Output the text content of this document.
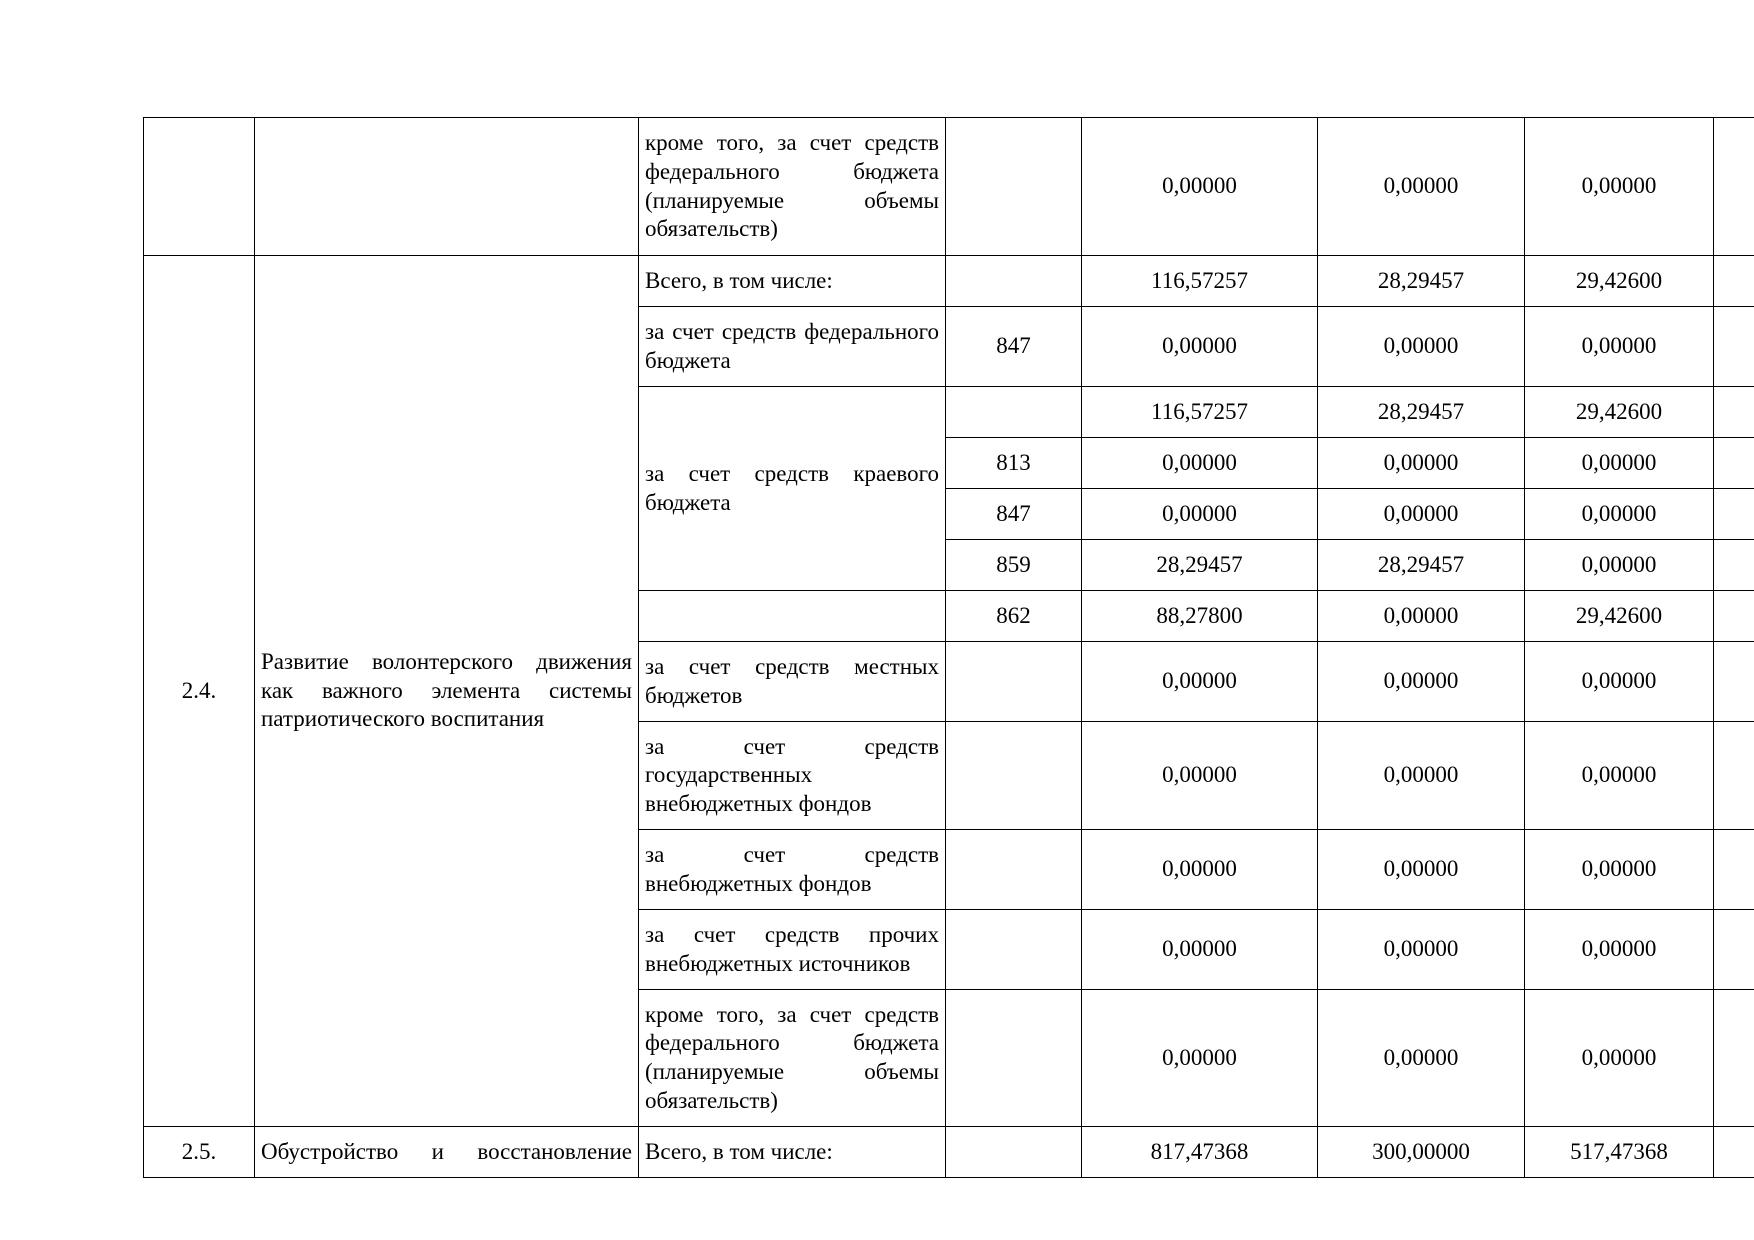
		кроме того, за счет средств федерального бюджета (планируемые объемы обязательств)		0,00000	0,00000	0,00000	
2.4.	Развитие волонтерского движения как важного элемента системы патриотического воспитания	Всего, в том числе:		116,57257	28,29457	29,42600	
		за счет средств федерального бюджета	847	0,00000	0,00000	0,00000	
		за счет средств краевого бюджета		116,57257	28,29457	29,42600	
			813	0,00000	0,00000	0,00000	
			847	0,00000	0,00000	0,00000	
			859	28,29457	28,29457	0,00000	
			862	88,27800	0,00000	29,42600	
		за счет средств местных бюджетов		0,00000	0,00000	0,00000	
		за счет средств государственных внебюджетных фондов		0,00000	0,00000	0,00000	
		за счет средств внебюджетных фондов		0,00000	0,00000	0,00000	
		за счет средств прочих внебюджетных источников		0,00000	0,00000	0,00000	
		кроме того, за счет средств федерального бюджета (планируемые объемы обязательств)		0,00000	0,00000	0,00000	
2.5.	Обустройство и восстановление	Всего, в том числе:		817,47368	300,00000	517,47368	
